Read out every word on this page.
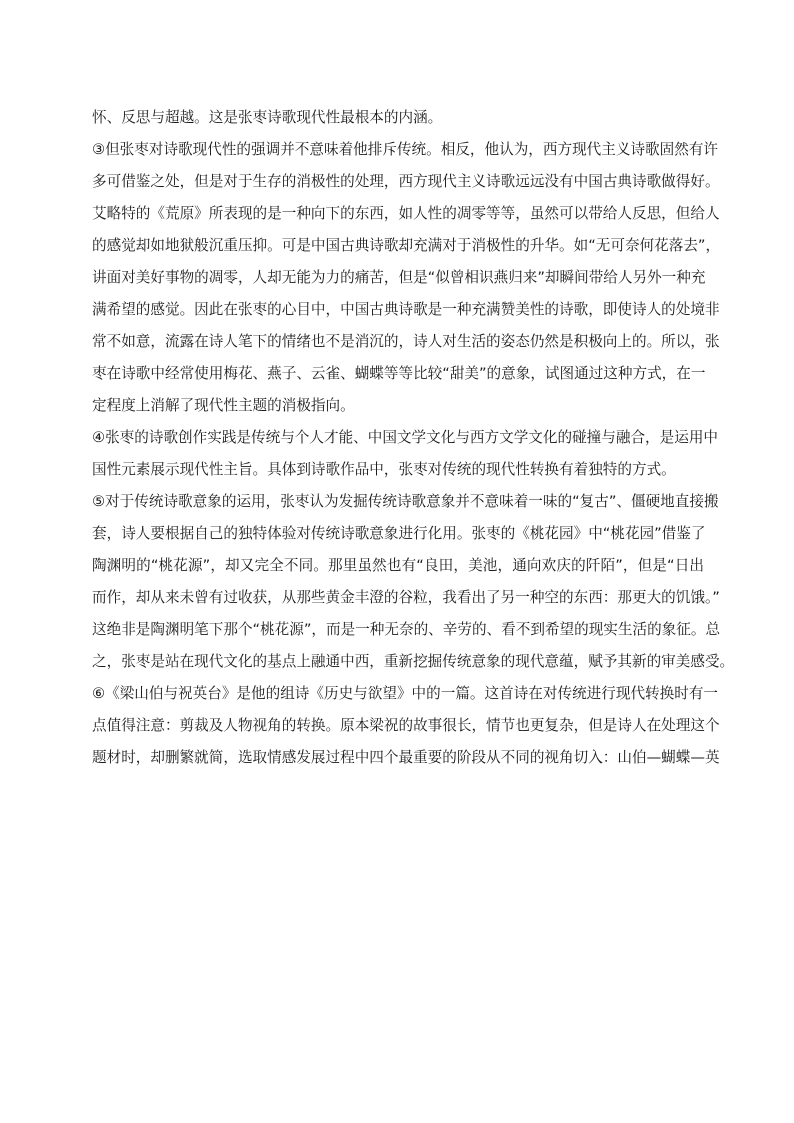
怀、反思与超越。这是张枣诗歌现代性最根本的内涵。
③但张枣对诗歌现代性的强调并不意味着他排斥传统。相反，他认为，西方现代主义诗歌固然有许
多可借鉴之处，但是对于生存的消极性的处理，西方现代主义诗歌远远没有中国古典诗歌做得好。
艾略特的《荒原》所表现的是一种向下的东西，如人性的凋零等等，虽然可以带给人反思，但给人
的感觉却如地狱般沉重压抑。可是中国古典诗歌却充满对于消极性的升华。如“无可奈何花落去”，
讲面对美好事物的凋零，人却无能为力的痛苦，但是“似曾相识燕归来”却瞬间带给人另外一种充
满希望的感觉。因此在张枣的心目中，中国古典诗歌是一种充满赞美性的诗歌，即使诗人的处境非
常不如意，流露在诗人笔下的情绪也不是消沉的，诗人对生活的姿态仍然是积极向上的。所以，张
枣在诗歌中经常使用梅花、燕子、云雀、蝴蝶等等比较“甜美”的意象，试图通过这种方式，在一
定程度上消解了现代性主题的消极指向。
④张枣的诗歌创作实践是传统与个人才能、中国文学文化与西方文学文化的碰撞与融合，是运用中
国性元素展示现代性主旨。具体到诗歌作品中，张枣对传统的现代性转换有着独特的方式。
⑤对于传统诗歌意象的运用，张枣认为发掘传统诗歌意象并不意味着一味的“复古”、僵硬地直接搬
套，诗人要根据自己的独特体验对传统诗歌意象进行化用。张枣的《桃花园》中“桃花园”借鉴了
陶渊明的“桃花源”，却又完全不同。那里虽然也有“良田，美池，通向欢庆的阡陌”，但是“日出
而作，却从来未曾有过收获，从那些黄金丰澄的谷粒，我看出了另一种空的东西：那更大的饥饿。”
这绝非是陶渊明笔下那个“桃花源”，而是一种无奈的、辛劳的、看不到希望的现实生活的象征。总
之，张枣是站在现代文化的基点上融通中西，重新挖掘传统意象的现代意蕴，赋予其新的审美感受。
⑥《梁山伯与祝英台》是他的组诗《历史与欲望》中的一篇。这首诗在对传统进行现代转换时有一
点值得注意：剪裁及人物视角的转换。原本梁祝的故事很长，情节也更复杂，但是诗人在处理这个
题材时，却删繁就简，选取情感发展过程中四个最重要的阶段从不同的视角切入：山伯—蝴蝶—英
